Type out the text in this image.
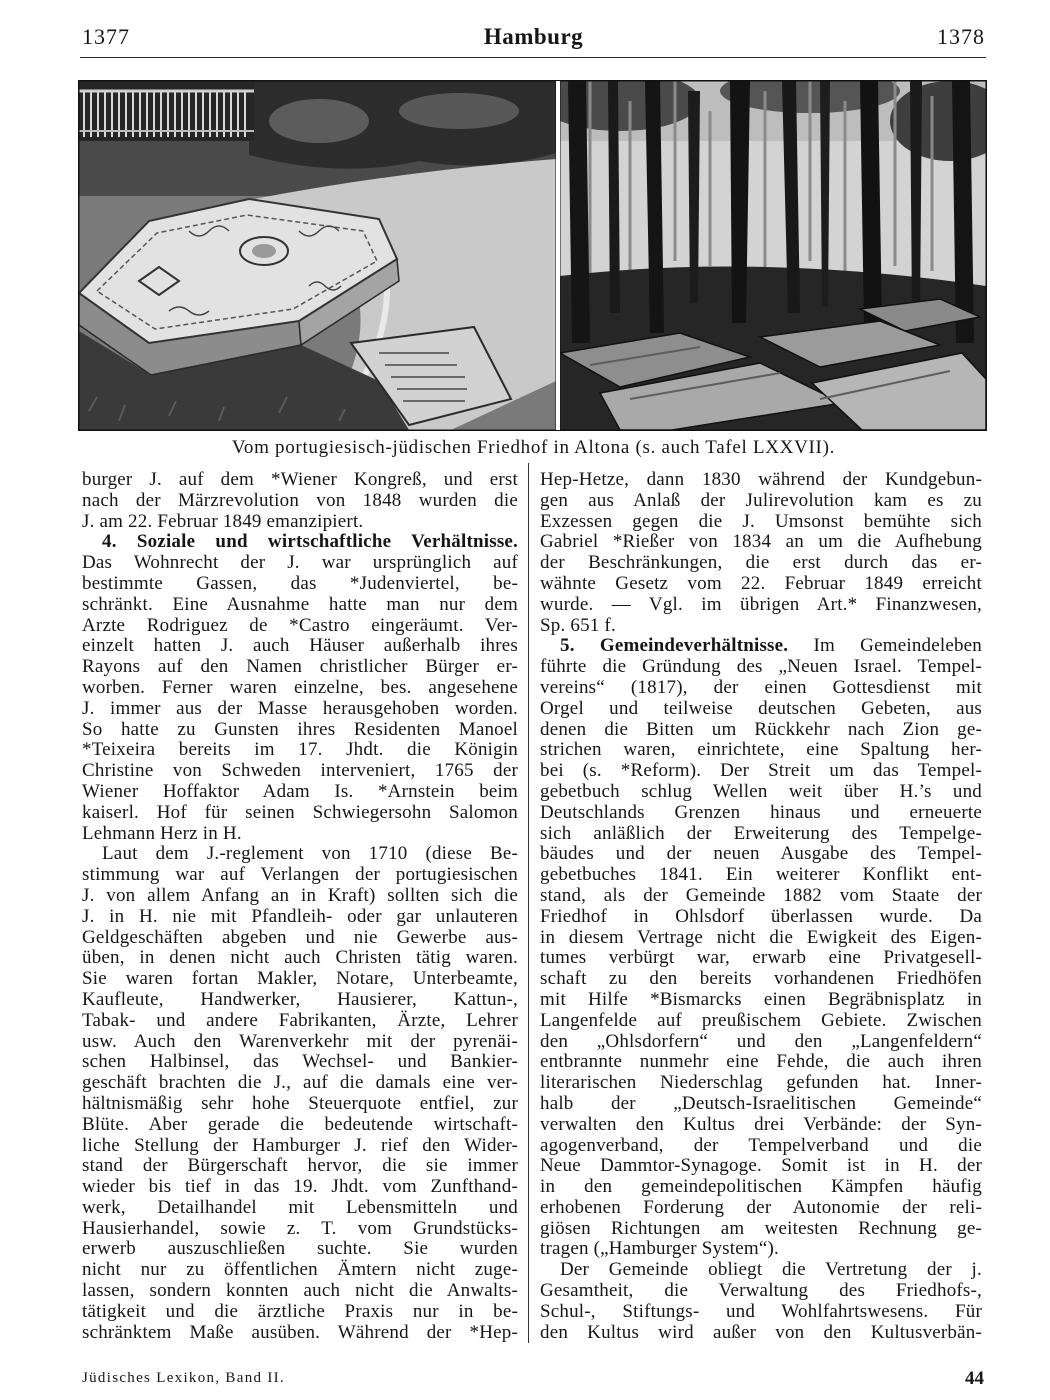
1377	Hamburg	1378
Vom portugiesisch-jüdischen Friedhof in Altona (s. auch Tafel LXXVII).
burger J. auf dem *Wiener Kongreß, und erst
nach der Märzrevolution von 1848 wurden die
J. am 22. Februar 1849 emanzipiert.
4. Soziale und wirtschaftliche Verhältnisse.
Das Wohnrecht der J. war ursprünglich auf
bestimmte Gassen, das *Judenviertel, be-
schränkt. Eine Ausnahme hatte man nur dem
Arzte Rodriguez de *Castro eingeräumt. Ver-
einzelt hatten J. auch Häuser außerhalb ihres
Rayons auf den Namen christlicher Bürger er-
worben. Ferner waren einzelne, bes. angesehene
J. immer aus der Masse herausgehoben worden.
So hatte zu Gunsten ihres Residenten Manoel
*Teixeira bereits im 17. Jhdt. die Königin
Christine von Schweden interveniert, 1765 der
Wiener Hoffaktor Adam Is. *Arnstein beim
kaiserl. Hof für seinen Schwiegersohn Salomon
Lehmann Herz in H.
Laut dem J.-reglement von 1710 (diese Be-
stimmung war auf Verlangen der portugiesischen
J. von allem Anfang an in Kraft) sollten sich die
J. in H. nie mit Pfandleih- oder gar unlauteren
Geldgeschäften abgeben und nie Gewerbe aus-
üben, in denen nicht auch Christen tätig waren.
Sie waren fortan Makler, Notare, Unterbeamte,
Kaufleute, Handwerker, Hausierer, Kattun-,
Tabak- und andere Fabrikanten, Ärzte, Lehrer
usw. Auch den Warenverkehr mit der pyrenäi-
schen Halbinsel, das Wechsel- und Bankier-
geschäft brachten die J., auf die damals eine ver-
hältnismäßig sehr hohe Steuerquote entfiel, zur
Blüte. Aber gerade die bedeutende wirtschaft-
liche Stellung der Hamburger J. rief den Wider-
stand der Bürgerschaft hervor, die sie immer
wieder bis tief in das 19. Jhdt. vom Zunfthand-
werk, Detailhandel mit Lebensmitteln und
Hausierhandel, sowie z. T. vom Grundstücks-
erwerb auszuschließen suchte. Sie wurden
nicht nur zu öffentlichen Ämtern nicht zuge-
lassen, sondern konnten auch nicht die Anwalts-
tätigkeit und die ärztliche Praxis nur in be-
schränktem Maße ausüben. Während der *Hep-
Hep-Hetze, dann 1830 während der Kundgebun-
gen aus Anlaß der Julirevolution kam es zu
Exzessen gegen die J. Umsonst bemühte sich
Gabriel *Rießer von 1834 an um die Aufhebung
der Beschränkungen, die erst durch das er-
wähnte Gesetz vom 22. Februar 1849 erreicht
wurde. — Vgl. im übrigen Art.* Finanzwesen,
Sp. 651 f.
5. Gemeindeverhältnisse. Im Gemeindeleben
führte die Gründung des „Neuen Israel. Tempel-
vereins“ (1817), der einen Gottesdienst mit
Orgel und teilweise deutschen Gebeten, aus
denen die Bitten um Rückkehr nach Zion ge-
strichen waren, einrichtete, eine Spaltung her-
bei (s. *Reform). Der Streit um das Tempel-
gebetbuch schlug Wellen weit über H.’s und
Deutschlands Grenzen hinaus und erneuerte
sich anläßlich der Erweiterung des Tempelge-
bäudes und der neuen Ausgabe des Tempel-
gebetbuches 1841. Ein weiterer Konflikt ent-
stand, als der Gemeinde 1882 vom Staate der
Friedhof in Ohlsdorf überlassen wurde. Da
in diesem Vertrage nicht die Ewigkeit des Eigen-
tumes verbürgt war, erwarb eine Privatgesell-
schaft zu den bereits vorhandenen Friedhöfen
mit Hilfe *Bismarcks einen Begräbnisplatz in
Langenfelde auf preußischem Gebiete. Zwischen
den „Ohlsdorfern“ und den „Langenfeldern“
entbrannte nunmehr eine Fehde, die auch ihren
literarischen Niederschlag gefunden hat. Inner-
halb der „Deutsch-Israelitischen Gemeinde“
verwalten den Kultus drei Verbände: der Syn-
agogenverband, der Tempelverband und die
Neue Dammtor-Synagoge. Somit ist in H. der
in den gemeindepolitischen Kämpfen häufig
erhobenen Forderung der Autonomie der reli-
giösen Richtungen am weitesten Rechnung ge-
tragen („Hamburger System“).
Der Gemeinde obliegt die Vertretung der j.
Gesamtheit, die Verwaltung des Friedhofs-,
Schul-, Stiftungs- und Wohlfahrtswesens. Für
den Kultus wird außer von den Kultusverbän-
Jüdisches Lexikon, Band II.	44
